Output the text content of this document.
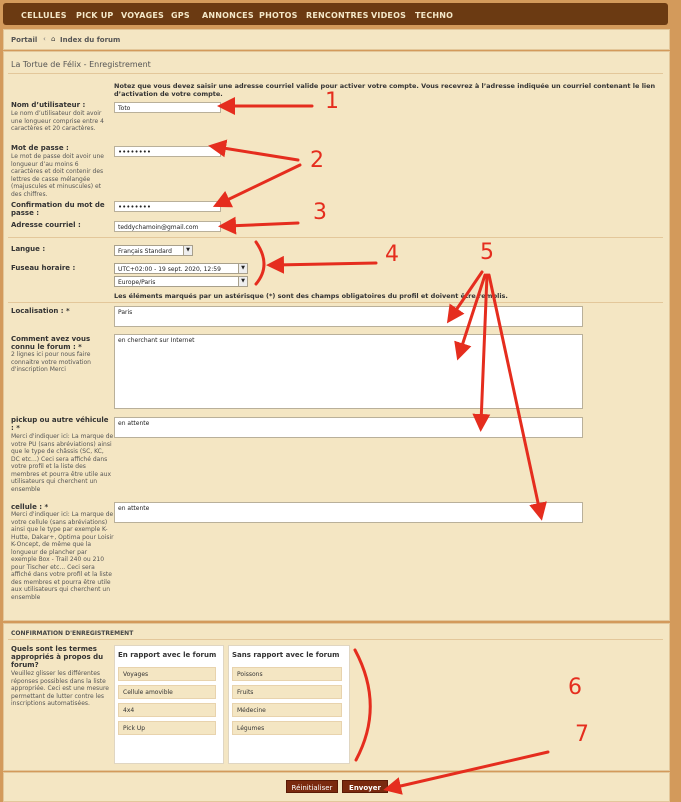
CELLULES PICK UP VOYAGES GPS ANNONCES PHOTOS RENCONTRES VIDEOS TECHNO
Portail ‹ ⌂ Index du forum
La Tortue de Félix - Enregistrement
Notez que vous devez saisir une adresse courriel valide pour activer votre compte. Vous recevrez à l’adresse indiquée un courriel contenant le lien d’activation de votre compte.
Nom d’utilisateur :
Le nom d’utilisateur doit avoir une longueur comprise entre 4 caractères et 20 caractères.
Toto
Mot de passe :
Le mot de passe doit avoir une longueur d’au moins 6 caractères et doit contenir des lettres de casse mélangée (majuscules et minuscules) et des chiffres.
••••••••
Confirmation du mot de passe :
••••••••
Adresse courriel :	teddychamoin@gmail.com
Langue :	Français Standard	▼
Fuseau horaire :	UTC+02:00 - 19 sept. 2020, 12:59	▼
Europe/Paris	▼
Les éléments marqués par un astérisque (*) sont des champs obligatoires du profil et doivent être remplis.
Localisation : *	Paris
Comment avez vous connu le forum : *
2 lignes ici pour nous faire connaitre votre motivation d'inscription Merci
en cherchant sur Internet
pickup ou autre véhicule : *
Merci d'indiquer ici: La marque de votre PU (sans abréviations) ainsi que le type de châssis (SC, KC, DC etc...) Ceci sera affiché dans votre profil et la liste des membres et pourra être utile aux utilisateurs qui cherchent un ensemble
en attente
cellule : *
Merci d'indiquer ici: La marque de votre cellule (sans abréviations) ainsi que le type par exemple K-Hutte, Dakar+, Optima pour Loisir K-Oncept, de même que la longueur de plancher par exemple Box - Trail 240 ou 210 pour Tischer etc... Ceci sera affiché dans votre profil et la liste des membres et pourra être utile aux utilisateurs qui cherchent un ensemble
en attente
CONFIRMATION D'ENREGISTREMENT
Quels sont les termes appropriés à propos du forum?
Veuillez glisser les différentes réponses possibles dans la liste appropriée. Ceci est une mesure permettant de lutter contre les inscriptions automatisées.
En rapport avec le forum
Voyages
Cellule amovible
4x4
Pick Up
Sans rapport avec le forum
Poissons
Fruits
Médecine
Légumes
Réinitialiser	Envoyer
1
2
3
4	5
6
7
